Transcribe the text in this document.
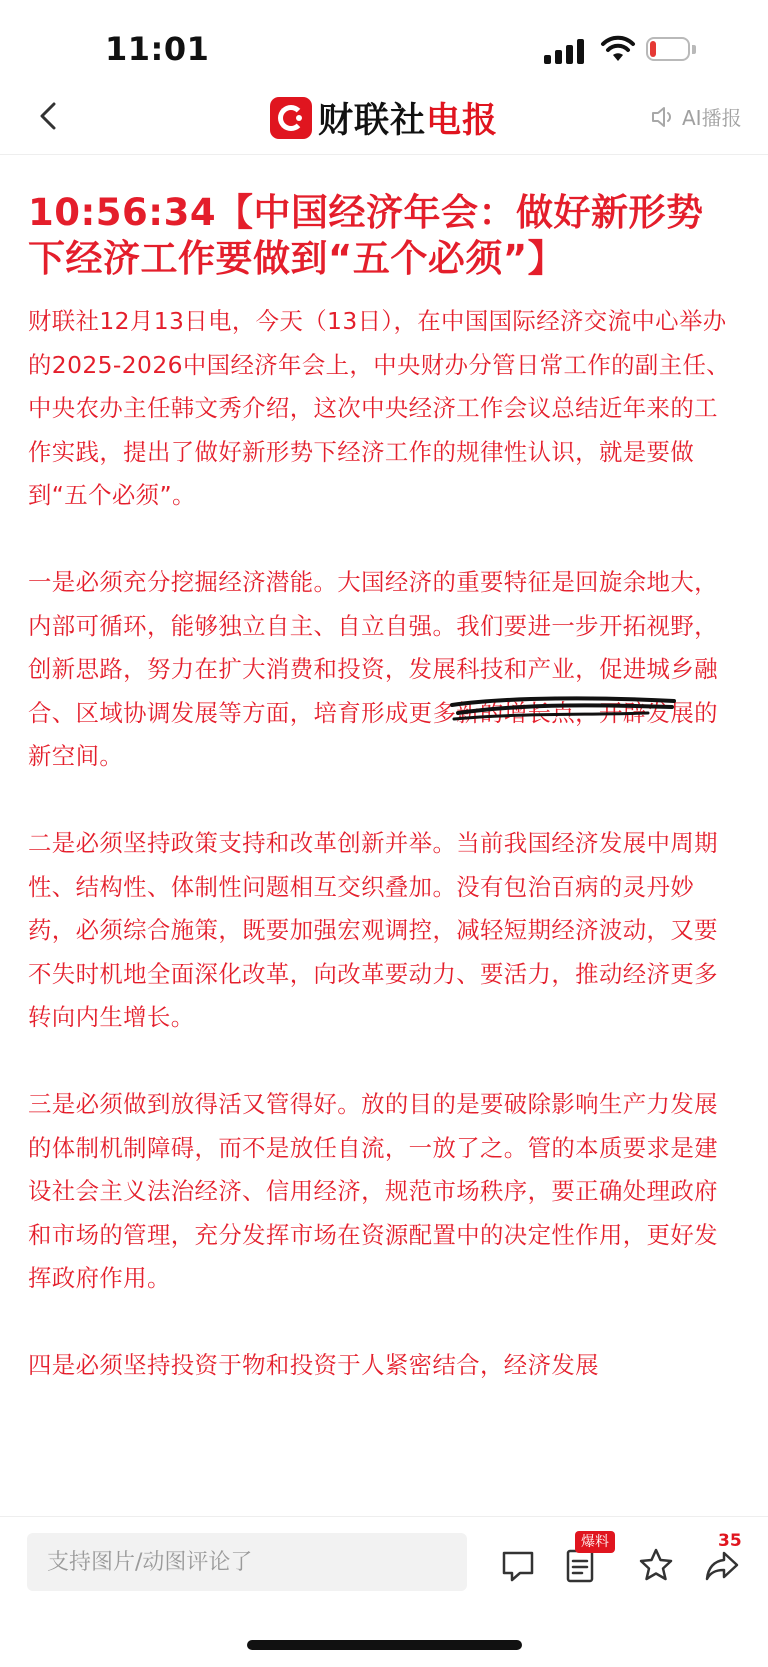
11:01
财联社 电报	AI播报
10:56:34【中国经济年会：做好新形势下经济工作要做到“五个必须”】

财联社12月13日电，今天（13日），在中国国际经济交流中心举办的2025-2026中国经济年会上，中央财办分管日常工作的副主任、中央农办主任韩文秀介绍，这次中央经济工作会议总结近年来的工作实践，提出了做好新形势下经济工作的规律性认识，就是要做到“五个必须”。

一是必须充分挖掘经济潜能。大国经济的重要特征是回旋余地大，内部可循环，能够独立自主、自立自强。我们要进一步开拓视野，创新思路，努力在扩大消费和投资，发展科技和产业，促进城乡融合、区域协调发展等方面，培育形成更多新的增长点，开辟发展的新空间。

二是必须坚持政策支持和改革创新并举。当前我国经济发展中周期性、结构性、体制性问题相互交织叠加。没有包治百病的灵丹妙药，必须综合施策，既要加强宏观调控，减轻短期经济波动，又要不失时机地全面深化改革，向改革要动力、要活力，推动经济更多转向内生增长。

三是必须做到放得活又管得好。放的目的是要破除影响生产力发展的体制机制障碍，而不是放任自流，一放了之。管的本质要求是建设社会主义法治经济、信用经济，规范市场秩序，要正确处理政府和市场的管理，充分发挥市场在资源配置中的决定性作用，更好发挥政府作用。

四是必须坚持投资于物和投资于人紧密结合，经济发展

支持图片/动图评论了
爆料	35
